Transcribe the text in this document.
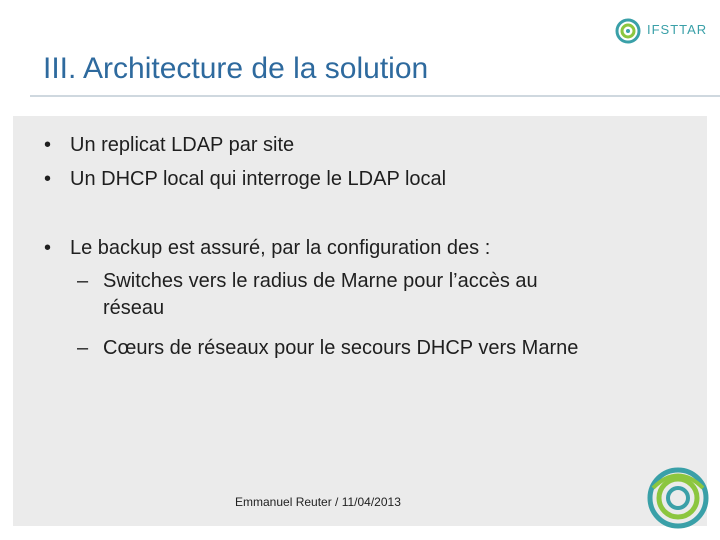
IFSTTAR
III. Architecture de la solution
• Un replicat LDAP par site
• Un DHCP local qui interroge le LDAP local
• Le backup est assuré, par la configuration des :
– Switches vers le radius de Marne pour l’accès au
réseau
– Cœurs de réseaux pour le secours DHCP vers Marne
Emmanuel Reuter / 11/04/2013
